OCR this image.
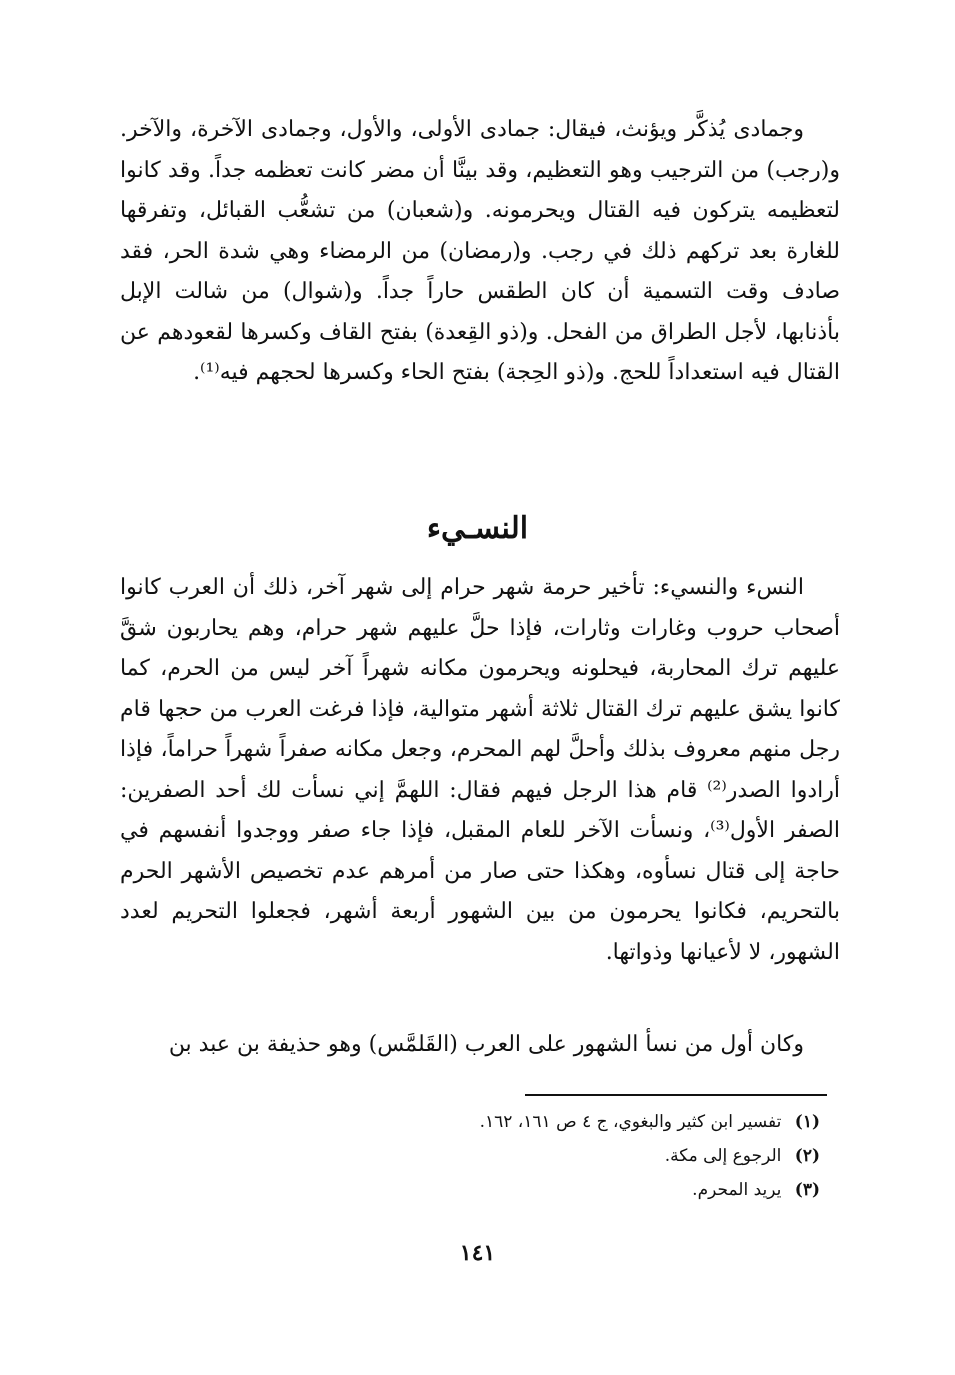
وجمادى يُذكَّر ويؤنث، فيقال: جمادى الأولى، والأول، وجمادى الآخرة، والآخر. و(رجب) من الترجيب وهو التعظيم، وقد بينَّا أن مضر كانت تعظمه جداً. وقد كانوا لتعظيمه يتركون فيه القتال ويحرمونه. و(شعبان) من تشعُّب القبائل، وتفرقها للغارة بعد تركهم ذلك في رجب. و(رمضان) من الرمضاء وهي شدة الحر، فقد صادف وقت التسمية أن كان الطقس حاراً جداً. و(شوال) من شالت الإبل بأذنابها، لأجل الطراق من الفحل. و(ذو القِعدة) بفتح القاف وكسرها لقعودهم عن القتال فيه استعداداً للحج. و(ذو الحِجة) بفتح الحاء وكسرها لحجهم فيه⁽¹⁾.

النسـيء

النسء والنسيء: تأخير حرمة شهر حرام إلى شهر آخر، ذلك أن العرب كانوا أصحاب حروب وغارات وثارات، فإذا حلَّ عليهم شهر حرام، وهم يحاربون شقَّ عليهم ترك المحاربة، فيحلونه ويحرمون مكانه شهراً آخر ليس من الحرم، كما كانوا يشق عليهم ترك القتال ثلاثة أشهر متوالية، فإذا فرغت العرب من حجها قام رجل منهم معروف بذلك وأحلَّ لهم المحرم، وجعل مكانه صفراً شهراً حراماً، فإذا أرادوا الصدر⁽²⁾ قام هذا الرجل فيهم فقال: اللهمَّ إني نسأت لك أحد الصفرين: الصفر الأول⁽³⁾، ونسأت الآخر للعام المقبل، فإذا جاء صفر ووجدوا أنفسهم في حاجة إلى قتال نسأوه، وهكذا حتى صار من أمرهم عدم تخصيص الأشهر الحرم بالتحريم، فكانوا يحرمون من بين الشهور أربعة أشهر، فجعلوا التحريم لعدد الشهور، لا لأعيانها وذواتها.

وكان أول من نسأ الشهور على العرب (القَلمَّس) وهو حذيفة بن عبد بن

(١) تفسير ابن كثير والبغوي، ج ٤ ص ١٦١، ١٦٢.

(٢) الرجوع إلى مكة.

(٣) يريد المحرم.

١٤١
